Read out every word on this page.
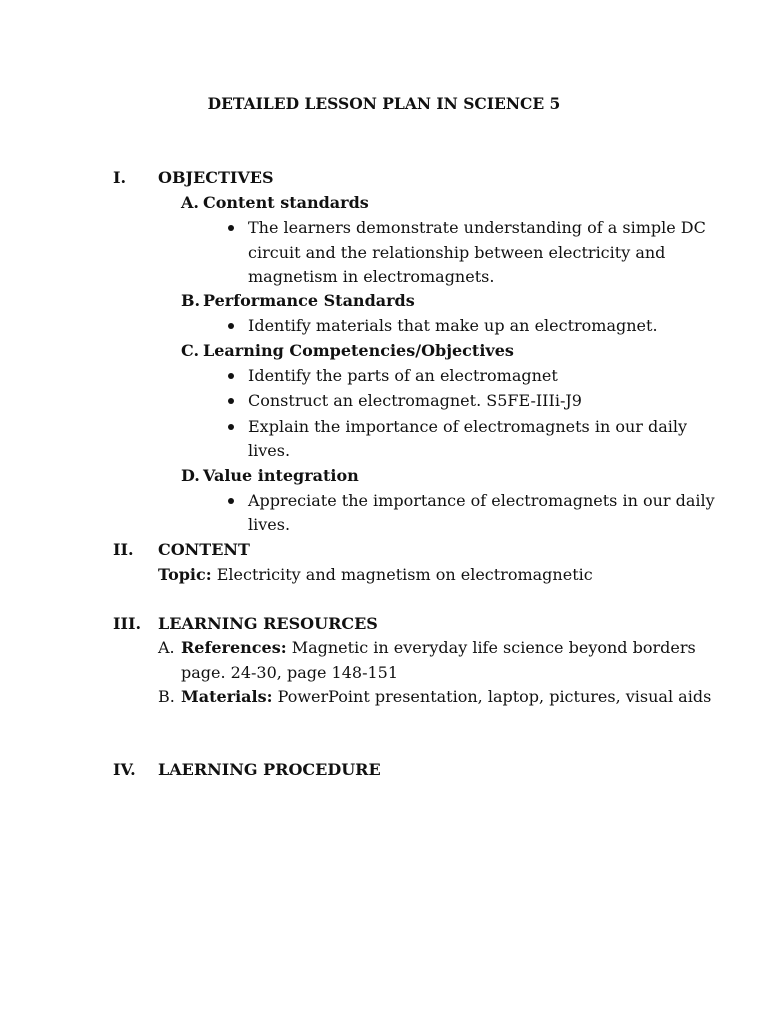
DETAILED LESSON PLAN IN SCIENCE 5
I. OBJECTIVES
A. Content standards
The learners demonstrate understanding of a simple DC
circuit and the relationship between electricity and
magnetism in electromagnets.
B. Performance Standards
Identify materials that make up an electromagnet.
C. Learning Competencies/Objectives
Identify the parts of an electromagnet
Construct an electromagnet. S5FE-IIIi-J9
Explain the importance of electromagnets in our daily
lives.
D. Value integration
Appreciate the importance of electromagnets in our daily
lives.
II. CONTENT
Topic: Electricity and magnetism on electromagnetic
III. LEARNING RESOURCES
A. References: Magnetic in everyday life science beyond borders
page. 24-30, page 148-151
B. Materials: PowerPoint presentation, laptop, pictures, visual aids
IV. LAERNING PROCEDURE
